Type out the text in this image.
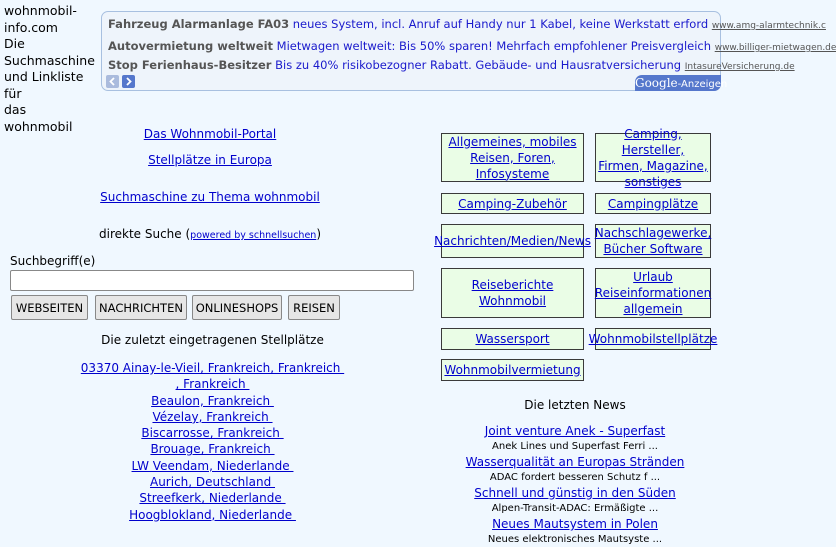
wohnmobil-
info.com
Die
Suchmaschine
und Linkliste für
das wohnmobil
Fahrzeug Alarmanlage FA03 neues System, incl. Anruf auf Handy nur 1 Kabel, keine Werkstatt erford www.amg-alarmtechnik.c
Autovermietung weltweit Mietwagen weltweit: Bis 50% sparen! Mehrfach empfohlener Preisvergleich www.billiger-mietwagen.de
Stop Ferienhaus-Besitzer Bis zu 40% risikobezogner Rabatt. Gebäude- und Hausratversicherung IntasureVersicherung.de
Google-Anzeigen
Das Wohnmobil-Portal
Stellplätze in Europa
Suchmaschine zu Thema wohnmobil
direkte Suche (powered by schnellsuchen)
Suchbegriff(e)
WEBSEITEN	NACHRICHTEN	ONLINESHOPS	REISEN
Die zuletzt eingetragenen Stellplätze
03370 Ainay-le-Vieil, Frankreich, Frankreich
, Frankreich
Beaulon, Frankreich
Vézelay, Frankreich
Biscarrosse, Frankreich
Brouage, Frankreich
LW Veendam, Niederlande
Aurich, Deutschland
Streefkerk, Niederlande
Hoogblokland, Niederlande
Allgemeines, mobiles
Reisen, Foren,
Infosysteme
Camping, Hersteller,
Firmen, Magazine,
sonstiges
Camping-Zubehör	Campingplätze
Nachrichten/Medien/News
Nachschlagewerke,
Bücher Software
Reiseberichte Wohnmobil
Urlaub
Reiseinformationen
allgemein
Wassersport	Wohnmobilstellplätze
Wohnmobilvermietung
Die letzten News
Joint venture Anek - Superfast
Anek Lines und Superfast Ferri ...
Wasserqualität an Europas Stränden
ADAC fordert besseren Schutz f ...
Schnell und günstig in den Süden
Alpen-Transit-ADAC: Ermäßigte ...
Neues Mautsystem in Polen
Neues elektronisches Mautsyste ...
